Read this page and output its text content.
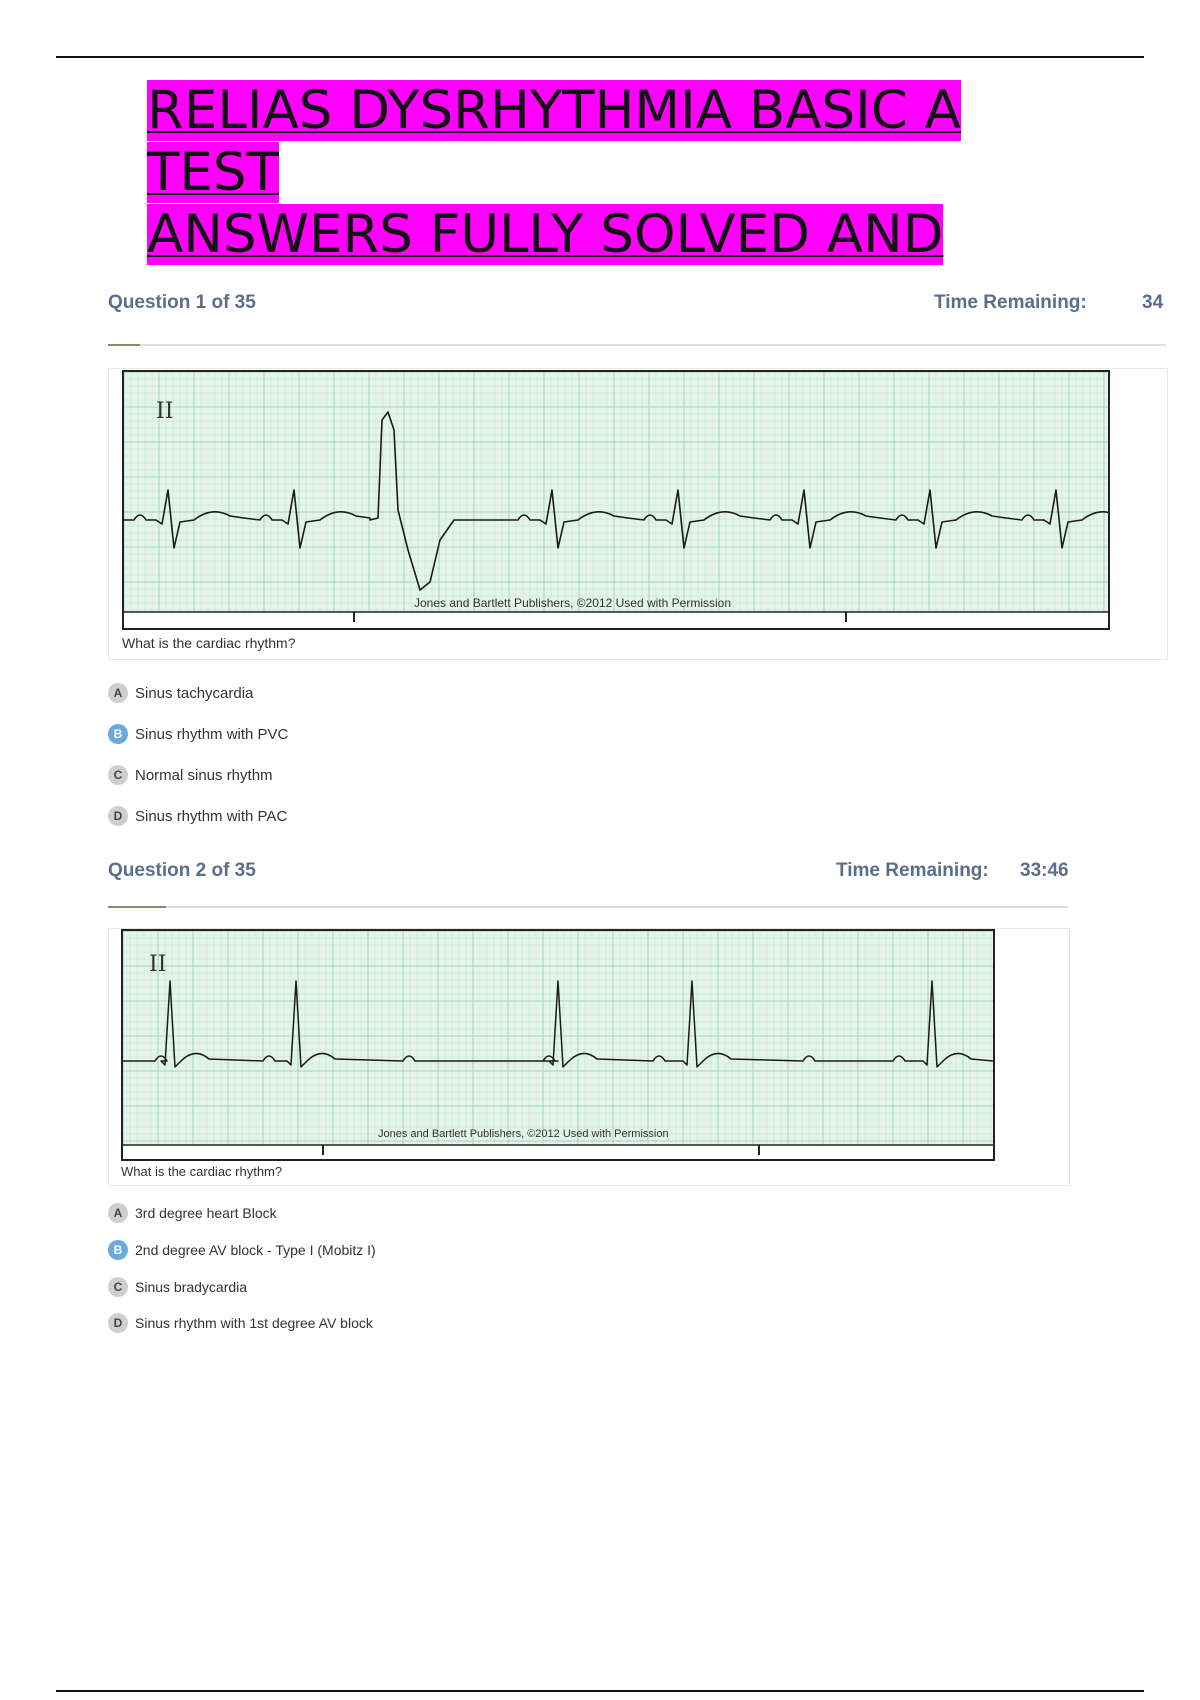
RELIAS DYSRHYTHMIA BASIC A
TEST
ANSWERS FULLY SOLVED AND
Question 1 of 35	Time Remaining:	34
II
Jones and Bartlett Publishers, ©2012 Used with Permission
What is the cardiac rhythm?
A Sinus tachycardia
B Sinus rhythm with PVC
C Normal sinus rhythm
D Sinus rhythm with PAC
Question 2 of 35	Time Remaining: 33:46
II
Jones and Bartlett Publishers, ©2012 Used with Permission
What is the cardiac rhythm?
A 3rd degree heart Block
B 2nd degree AV block - Type I (Mobitz I)
C Sinus bradycardia
D Sinus rhythm with 1st degree AV block
